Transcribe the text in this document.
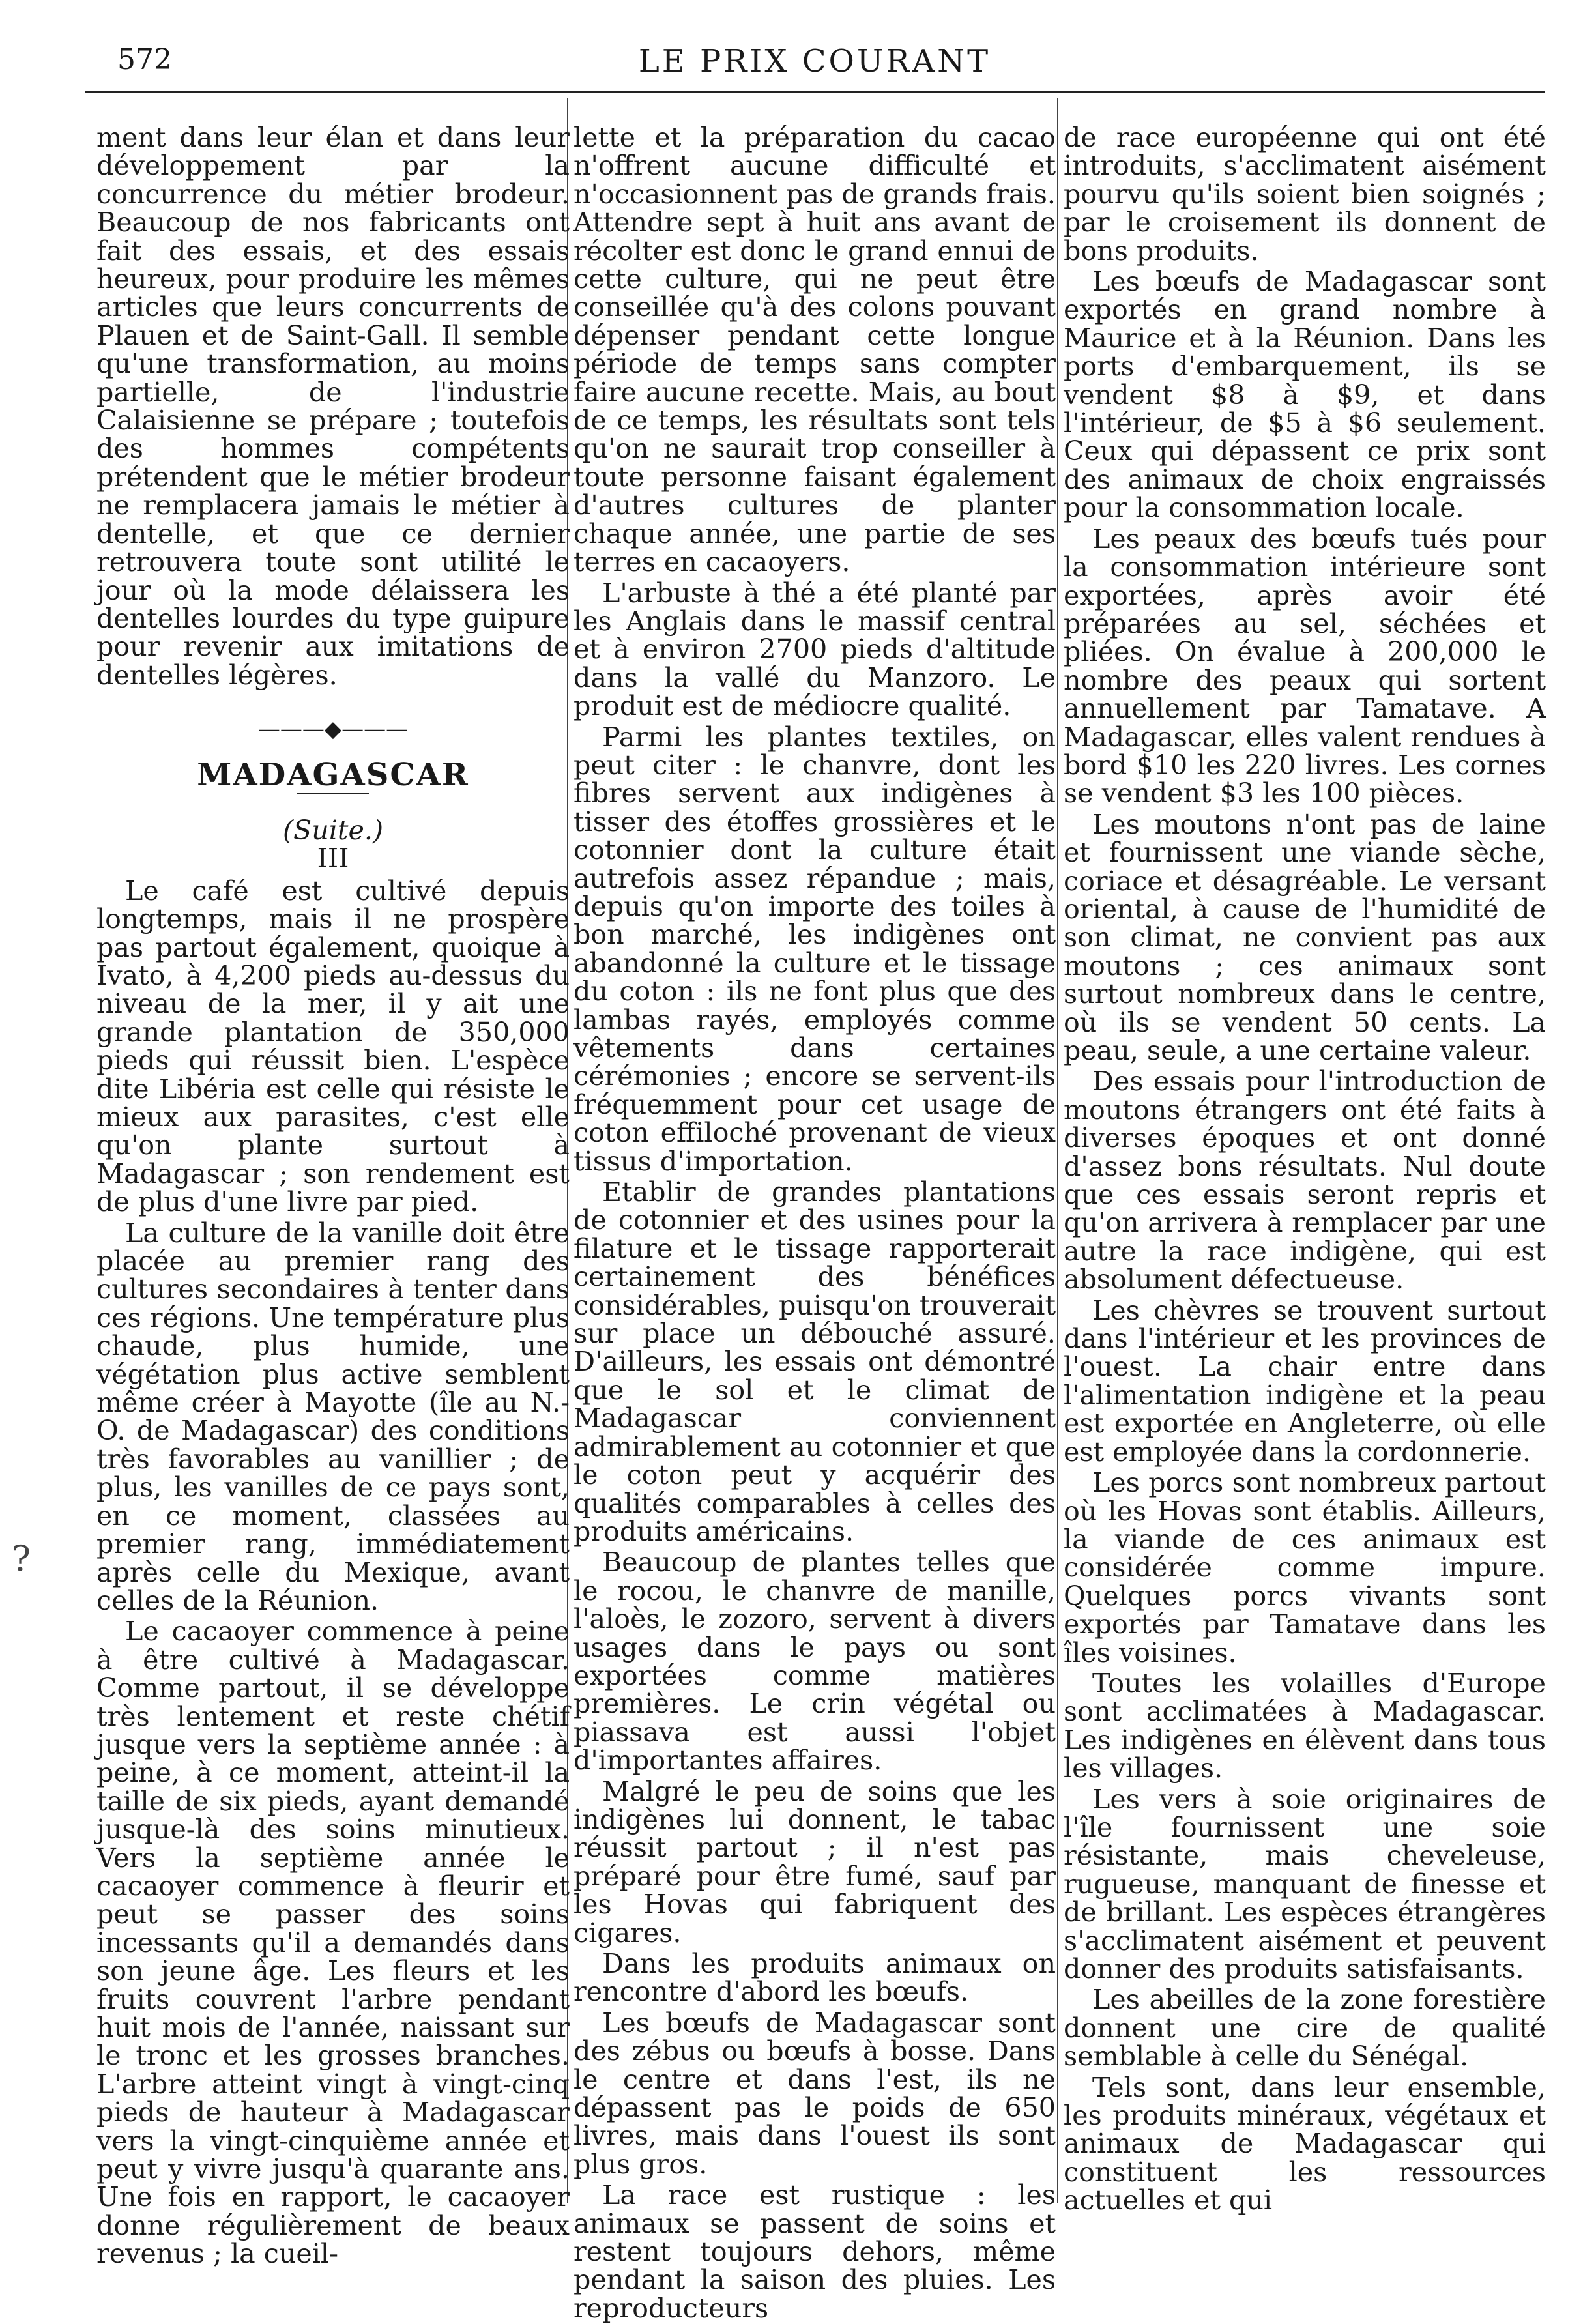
572	LE PRIX COURANT
?

ment dans leur élan et dans leur développement par la concurrence du métier brodeur. Beaucoup de nos fabricants ont fait des essais, et des essais heureux, pour produire les mêmes articles que leurs concurrents de Plauen et de Saint-Gall. Il semble qu'une transformation, au moins partielle, de l'industrie Calaisienne se prépare ; toutefois des hommes compétents prétendent que le métier brodeur ne remplacera jamais le métier à dentelle, et que ce dernier retrouvera toute sont utilité le jour où la mode délaissera les dentelles lourdes du type guipure pour revenir aux imitations de dentelles légères.

———◆———
MADAGASCAR
(Suite.)
III

Le café est cultivé depuis longtemps, mais il ne prospère pas partout également, quoique à Ivato, à 4,200 pieds au-dessus du niveau de la mer, il y ait une grande plantation de 350,000 pieds qui réussit bien. L'espèce dite Libéria est celle qui résiste le mieux aux parasites, c'est elle qu'on plante surtout à Madagascar ; son rendement est de plus d'une livre par pied.

La culture de la vanille doit être placée au premier rang des cultures secondaires à tenter dans ces régions. Une température plus chaude, plus humide, une végétation plus active semblent même créer à Mayotte (île au N.-O. de Madagascar) des conditions très favorables au vanillier ; de plus, les vanilles de ce pays sont, en ce moment, classées au premier rang, immédiatement après celle du Mexique, avant celles de la Réunion.

Le cacaoyer commence à peine à être cultivé à Madagascar. Comme partout, il se développe très lentement et reste chétif jusque vers la septième année : à peine, à ce moment, atteint-il la taille de six pieds, ayant demandé jusque-là des soins minutieux. Vers la septième année le cacaoyer commence à fleurir et peut se passer des soins incessants qu'il a demandés dans son jeune âge. Les fleurs et les fruits couvrent l'arbre pendant huit mois de l'année, naissant sur le tronc et les grosses branches. L'arbre atteint vingt à vingt-cinq pieds de hauteur à Madagascar vers la vingt-cinquième année et peut y vivre jusqu'à quarante ans. Une fois en rapport, le cacaoyer donne régulièrement de beaux revenus ; la cueil-

lette et la préparation du cacao n'offrent aucune difficulté et n'occasionnent pas de grands frais. Attendre sept à huit ans avant de récolter est donc le grand ennui de cette culture, qui ne peut être conseillée qu'à des colons pouvant dépenser pendant cette longue période de temps sans compter faire aucune recette. Mais, au bout de ce temps, les résultats sont tels qu'on ne saurait trop conseiller à toute personne faisant également d'autres cultures de planter chaque année, une partie de ses terres en cacaoyers.

L'arbuste à thé a été planté par les Anglais dans le massif central et à environ 2700 pieds d'altitude dans la vallé du Manzoro. Le produit est de médiocre qualité.

Parmi les plantes textiles, on peut citer : le chanvre, dont les fibres servent aux indigènes à tisser des étoffes grossières et le cotonnier dont la culture était autrefois assez répandue ; mais, depuis qu'on importe des toiles à bon marché, les indigènes ont abandonné la culture et le tissage du coton : ils ne font plus que des lambas rayés, employés comme vêtements dans certaines cérémonies ; encore se servent-ils fréquemment pour cet usage de coton effiloché provenant de vieux tissus d'importation.

Etablir de grandes plantations de cotonnier et des usines pour la filature et le tissage rapporterait certainement des bénéfices considérables, puisqu'on trouverait sur place un débouché assuré. D'ailleurs, les essais ont démontré que le sol et le climat de Madagascar conviennent admirablement au cotonnier et que le coton peut y acquérir des qualités comparables à celles des produits américains.

Beaucoup de plantes telles que le rocou, le chanvre de manille, l'aloès, le zozoro, servent à divers usages dans le pays ou sont exportées comme matières premières. Le crin végétal ou piassava est aussi l'objet d'importantes affaires.

Malgré le peu de soins que les indigènes lui donnent, le tabac réussit partout ; il n'est pas préparé pour être fumé, sauf par les Hovas qui fabriquent des cigares.

Dans les produits animaux on rencontre d'abord les bœufs.

Les bœufs de Madagascar sont des zébus ou bœufs à bosse. Dans le centre et dans l'est, ils ne dépassent pas le poids de 650 livres, mais dans l'ouest ils sont plus gros.

La race est rustique : les animaux se passent de soins et restent toujours dehors, même pendant la saison des pluies. Les reproducteurs

de race européenne qui ont été introduits, s'acclimatent aisément pourvu qu'ils soient bien soignés ; par le croisement ils donnent de bons produits.

Les bœufs de Madagascar sont exportés en grand nombre à Maurice et à la Réunion. Dans les ports d'embarquement, ils se vendent $8 à $9, et dans l'intérieur, de $5 à $6 seulement. Ceux qui dépassent ce prix sont des animaux de choix engraissés pour la consommation locale.

Les peaux des bœufs tués pour la consommation intérieure sont exportées, après avoir été préparées au sel, séchées et pliées. On évalue à 200,000 le nombre des peaux qui sortent annuellement par Tamatave. A Madagascar, elles valent rendues à bord $10 les 220 livres. Les cornes se vendent $3 les 100 pièces.

Les moutons n'ont pas de laine et fournissent une viande sèche, coriace et désagréable. Le versant oriental, à cause de l'humidité de son climat, ne convient pas aux moutons ; ces animaux sont surtout nombreux dans le centre, où ils se vendent 50 cents. La peau, seule, a une certaine valeur.

Des essais pour l'introduction de moutons étrangers ont été faits à diverses époques et ont donné d'assez bons résultats. Nul doute que ces essais seront repris et qu'on arrivera à remplacer par une autre la race indigène, qui est absolument défectueuse.

Les chèvres se trouvent surtout dans l'intérieur et les provinces de l'ouest. La chair entre dans l'alimentation indigène et la peau est exportée en Angleterre, où elle est employée dans la cordonnerie.

Les porcs sont nombreux partout où les Hovas sont établis. Ailleurs, la viande de ces animaux est considérée comme impure. Quelques porcs vivants sont exportés par Tamatave dans les îles voisines.

Toutes les volailles d'Europe sont acclimatées à Madagascar. Les indigènes en élèvent dans tous les villages.

Les vers à soie originaires de l'île fournissent une soie résistante, mais cheveleuse, rugueuse, manquant de finesse et de brillant. Les espèces étrangères s'acclimatent aisément et peuvent donner des produits satisfaisants.

Les abeilles de la zone forestière donnent une cire de qualité semblable à celle du Sénégal.

Tels sont, dans leur ensemble, les produits minéraux, végétaux et animaux de Madagascar qui constituent les ressources actuelles et qui
